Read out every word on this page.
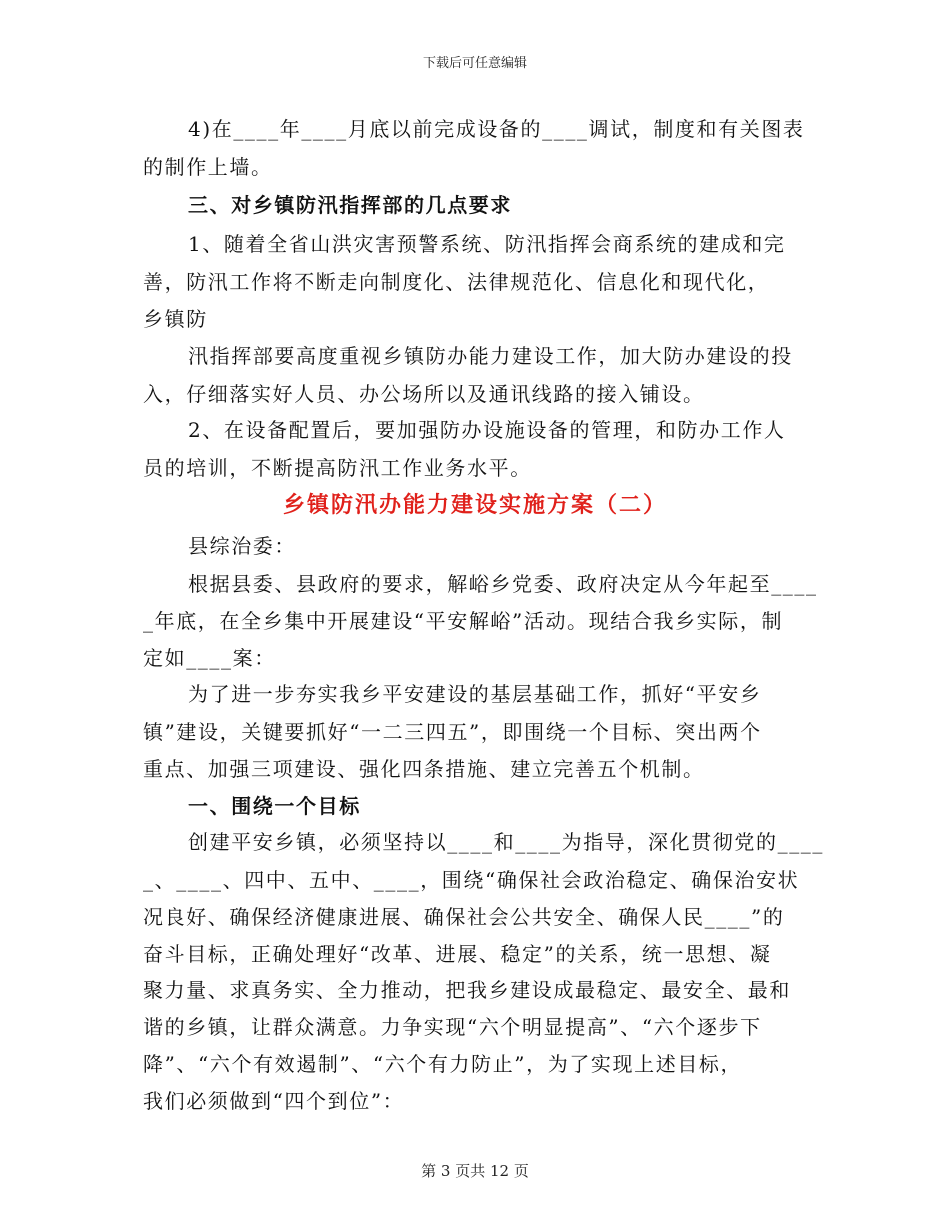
下载后可任意编辑
4)在____年____月底以前完成设备的____调试，制度和有关图表
的制作上墙。
三、对乡镇防汛指挥部的几点要求
1、随着全省山洪灾害预警系统、防汛指挥会商系统的建成和完
善，防汛工作将不断走向制度化、法律规范化、信息化和现代化，
乡镇防
汛指挥部要高度重视乡镇防办能力建设工作，加大防办建设的投
入，仔细落实好人员、办公场所以及通讯线路的接入铺设。
2、在设备配置后，要加强防办设施设备的管理，和防办工作人
员的培训，不断提高防汛工作业务水平。
乡镇防汛办能力建设实施方案（二）
县综治委：
根据县委、县政府的要求，解峪乡党委、政府决定从今年起至____
_年底，在全乡集中开展建设“平安解峪”活动。现结合我乡实际，制
定如____案：
为了进一步夯实我乡平安建设的基层基础工作，抓好“平安乡
镇”建设，关键要抓好“一二三四五”，即围绕一个目标、突出两个
重点、加强三项建设、强化四条措施、建立完善五个机制。
一、围绕一个目标
创建平安乡镇，必须坚持以____和____为指导，深化贯彻党的____
_、____、四中、五中、____，围绕“确保社会政治稳定、确保治安状
况良好、确保经济健康进展、确保社会公共安全、确保人民____”的
奋斗目标，正确处理好“改革、进展、稳定”的关系，统一思想、凝
聚力量、求真务实、全力推动，把我乡建设成最稳定、最安全、最和
谐的乡镇，让群众满意。力争实现“六个明显提高”、“六个逐步下
降”、“六个有效遏制”、“六个有力防止”，为了实现上述目标，
我们必须做到“四个到位”：
第 3 页共 12 页
